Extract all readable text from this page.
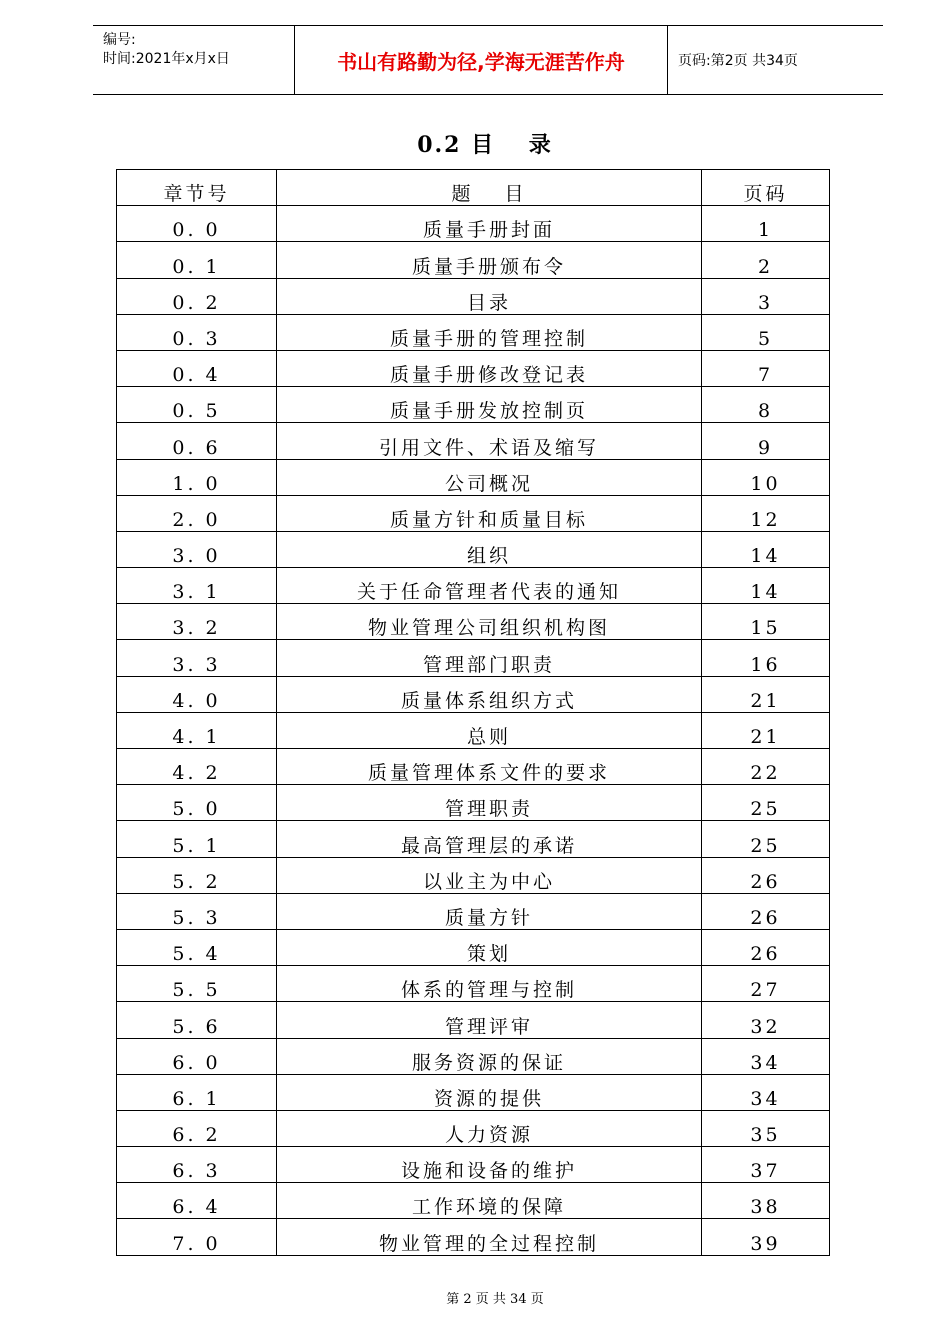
编号:
时间:2021年x月x日	书山有路勤为径,学海无涯苦作舟	页码:第2页 共34页
0.2 目　 录
章节号	题　 目	页码
0. 0	质量手册封面	1
0. 1	质量手册颁布令	2
0. 2	目录	3
0. 3	质量手册的管理控制	5
0. 4	质量手册修改登记表	7
0. 5	质量手册发放控制页	8
0. 6	引用文件、术语及缩写	9
1. 0	公司概况	10
2. 0	质量方针和质量目标	12
3. 0	组织	14
3. 1	关于任命管理者代表的通知	14
3. 2	物业管理公司组织机构图	15
3. 3	管理部门职责	16
4. 0	质量体系组织方式	21
4. 1	总则	21
4. 2	质量管理体系文件的要求	22
5. 0	管理职责	25
5. 1	最高管理层的承诺	25
5. 2	以业主为中心	26
5. 3	质量方针	26
5. 4	策划	26
5. 5	体系的管理与控制	27
5. 6	管理评审	32
6. 0	服务资源的保证	34
6. 1	资源的提供	34
6. 2	人力资源	35
6. 3	设施和设备的维护	37
6. 4	工作环境的保障	38
7. 0	物业管理的全过程控制	39
第 2 页 共 34 页
